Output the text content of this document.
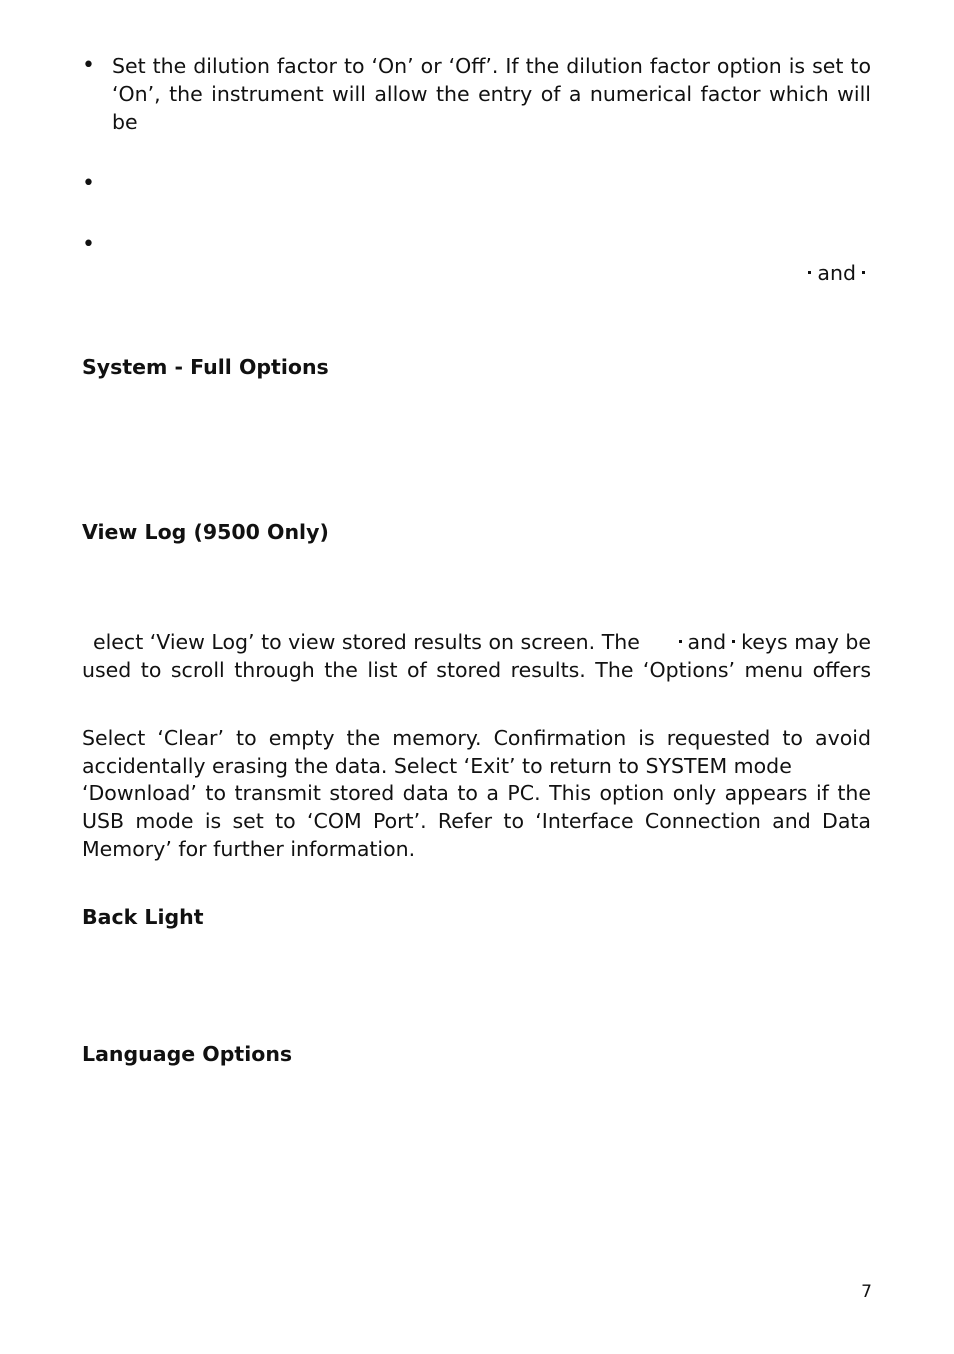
• Set the dilution factor to ‘On’ or ‘Off’. If the dilution factor option is set to
‘On’, the instrument will allow the entry of a numerical factor which will be
•
•
and
System - Full Options
View Log (9500 Only)
elect ‘View Log’ to view stored results on screen. The	and keys may be
used to scroll through the list of stored results. The ‘Options’ menu offers
Select ‘Clear’ to empty the memory. Confirmation is requested to avoid
accidentally erasing the data. Select ‘Exit’ to return to SYSTEM mode
‘Download’ to transmit stored data to a PC. This option only appears if the
USB mode is set to ‘COM Port’. Refer to ‘Interface Connection and Data
Memory’ for further information.
Back Light
Language Options
7
